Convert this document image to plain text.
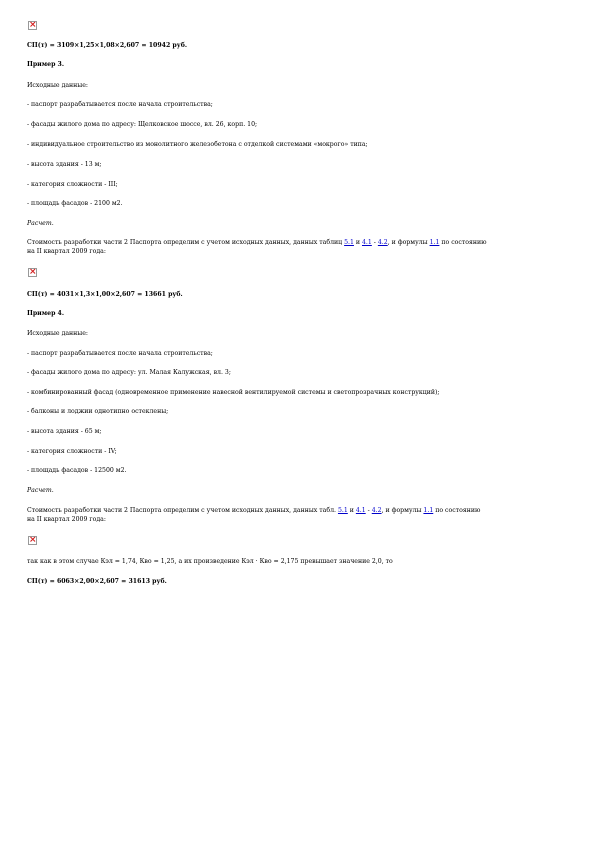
×
СП(т) = 3109×1,25×1,08×2,607 = 10942 руб.
Пример 3.
Исходные данные:
- паспорт разрабатывается после начала строительства;
- фасады жилого дома по адресу: Щелковское шоссе, вл. 26, корп. 10;
- индивидуальное строительство из монолитного железобетона с отделкой системами «мокрого» типа;
- высота здания - 13 м;
- категория сложности - III;
- площадь фасадов - 2100 м2.
Расчет.
Стоимость разработки части 2 Паспорта определим с учетом исходных данных, данных таблиц 5.1 и 4.1 - 4.2, и формулы 1.1 по состоянию
на II квартал 2009 года:
×
СП(т) = 4031×1,3×1,00×2,607 = 13661 руб.
Пример 4.
Исходные данные:
- паспорт разрабатывается после начала строительства;
- фасады жилого дома по адресу: ул. Малая Калужская, вл. 3;
- комбинированный фасад (одновременное применение навесной вентилируемой системы и светопрозрачных конструкций);
- балконы и лоджии однотипно остеклены;
- высота здания - 65 м;
- категория сложности - IV;
- площадь фасадов - 12500 м2.
Расчет.
Стоимость разработки части 2 Паспорта определим с учетом исходных данных, данных табл. 5.1 и 4.1 - 4.2, и формулы 1.1 по состоянию
на II квартал 2009 года:
×
так как в этом случае Кэл = 1,74, Кво = 1,25, а их произведение Кэл · Кво = 2,175 превышает значение 2,0, то
СП(т) = 6063×2,00×2,607 = 31613 руб.
